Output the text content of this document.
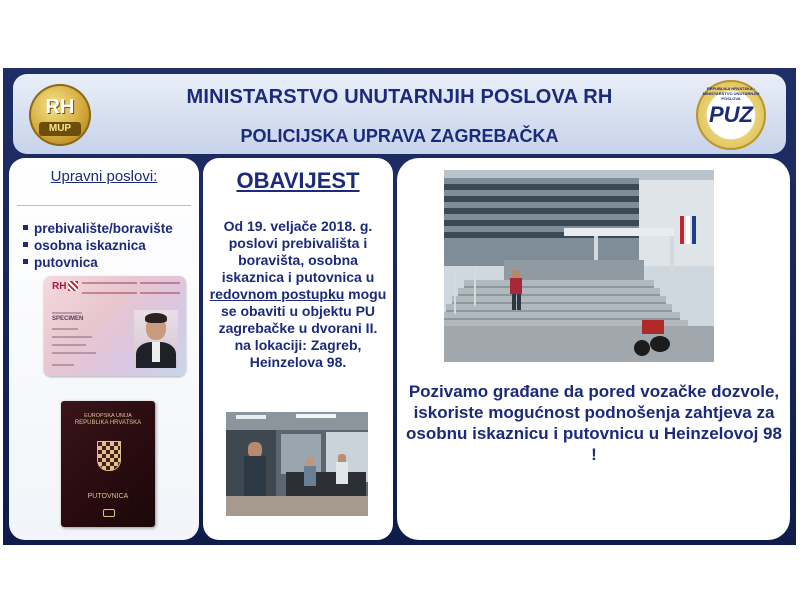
RH
MUP
MINISTARSTVO UNUTARNJIH POSLOVA RH
POLICIJSKA UPRAVA ZAGREBAČKA
REPUBLIKA HRVATSKA · MINISTARSTVO UNUTARNJIH POSLOVA
PUZ
Upravni poslovi:
prebivalište/boravište
osobna iskaznica
putovnica
OBAVIJEST
Od 19. veljače 2018. g. poslovi prebivališta i boravišta, osobna iskaznica i putovnica u redovnom postupku mogu se obaviti u objektu PU zagrebačke u dvorani II. na lokaciji: Zagreb, Heinzelova 98.
RH
SPECIMEN
EUROPSKA UNIJA
REPUBLIKA HRVATSKA
PUTOVNICA
Pozivamo građane da pored vozačke dozvole, iskoriste mogućnost podnošenja zahtjeva za osobnu iskaznicu i putovnicu u Heinzelovoj 98 !
